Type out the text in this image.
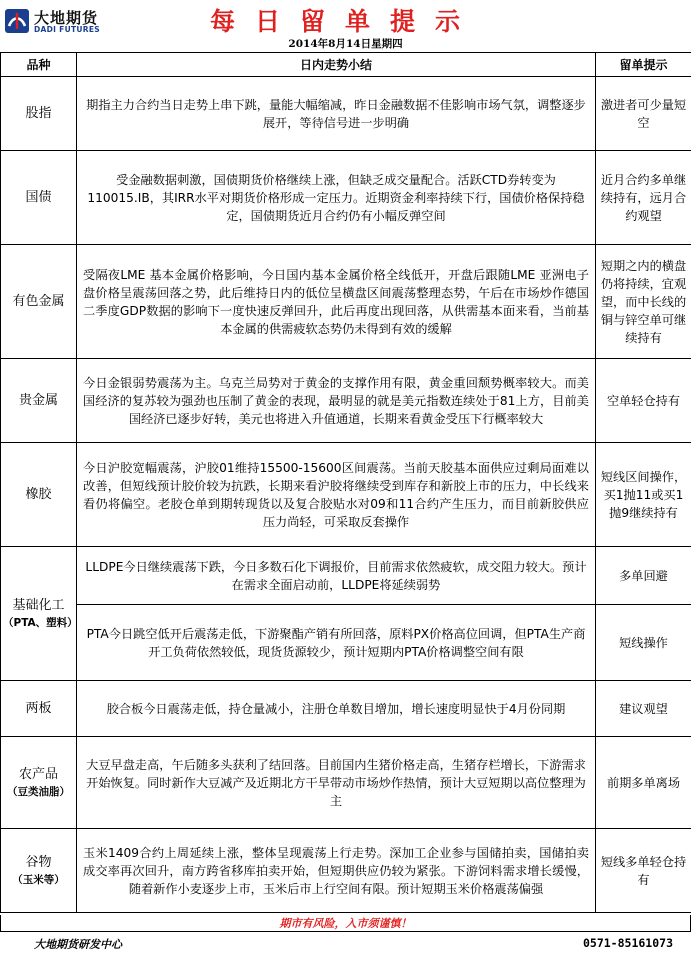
大地期货
DADI FUTURES	每日留单提示
2014年8月14日星期四
品种	日内走势小结	留单提示
股指	期指主力合约当日走势上串下跳，量能大幅缩减，昨日金融数据不佳影响市场气氛，调整逐步展开，等待信号进一步明确	激进者可少量短空
国债	受金融数据刺激，国债期货价格继续上涨，但缺乏成交量配合。活跃CTD券转变为110015.IB，其IRR水平对期货价格形成一定压力。近期资金利率持续下行，国债价格保持稳定，国债期货近月合约仍有小幅反弹空间	近月合约多单继续持有，远月合约观望
有色金属	受隔夜LME 基本金属价格影响，今日国内基本金属价格全线低开，开盘后跟随LME 亚洲电子盘价格呈震荡回落之势，此后维持日内的低位呈横盘区间震荡整理态势，午后在市场炒作德国二季度GDP数据的影响下一度快速反弹回升，此后再度出现回落，从供需基本面来看，当前基本金属的供需疲软态势仍未得到有效的缓解	短期之内的横盘仍将持续，宜观望，而中长线的铜与锌空单可继续持有
贵金属	今日金银弱势震荡为主。乌克兰局势对于黄金的支撑作用有限，黄金重回颓势概率较大。而美国经济的复苏较为强劲也压制了黄金的表现，最明显的就是美元指数连续处于81上方，目前美国经济已逐步好转，美元也将进入升值通道，长期来看黄金受压下行概率较大	空单轻仓持有
橡胶	今日沪胶宽幅震荡，沪胶01维持15500-15600区间震荡。当前天胶基本面供应过剩局面难以改善，但短线预计胶价较为抗跌，长期来看沪胶将继续受到库存和新胶上市的压力，中长线来看仍将偏空。老胶仓单到期转现货以及复合胶贴水对09和11合约产生压力，而目前新胶供应压力尚轻，可采取反套操作	短线区间操作，买1抛11或买1抛9继续持有
基础化工
（PTA、塑料）	LLDPE今日继续震荡下跌，今日多数石化下调报价，目前需求依然疲软，成交阻力较大。预计在需求全面启动前，LLDPE将延续弱势	多单回避
	PTA今日跳空低开后震荡走低，下游聚酯产销有所回落，原料PX价格高位回调，但PTA生产商开工负荷依然较低，现货货源较少，预计短期内PTA价格调整空间有限	短线操作
两板	胶合板今日震荡走低，持仓量减小，注册仓单数目增加，增长速度明显快于4月份同期	建议观望
农产品
（豆类油脂）	大豆早盘走高，午后随多头获利了结回落。目前国内生猪价格走高，生猪存栏增长，下游需求开始恢复。同时新作大豆减产及近期北方干旱带动市场炒作热情，预计大豆短期以高位整理为主	前期多单离场
谷物
（玉米等）	玉米1409合约上周延续上涨，整体呈现震荡上行走势。深加工企业参与国储拍卖，国储拍卖成交率再次回升，南方跨省移库拍卖开始，但短期供应仍较为紧张。下游饲料需求增长缓慢，随着新作小麦逐步上市，玉米后市上行空间有限。预计短期玉米价格震荡偏强	短线多单轻仓持有
期市有风险，入市须谨慎！
大地期货研发中心	0571-85161073
